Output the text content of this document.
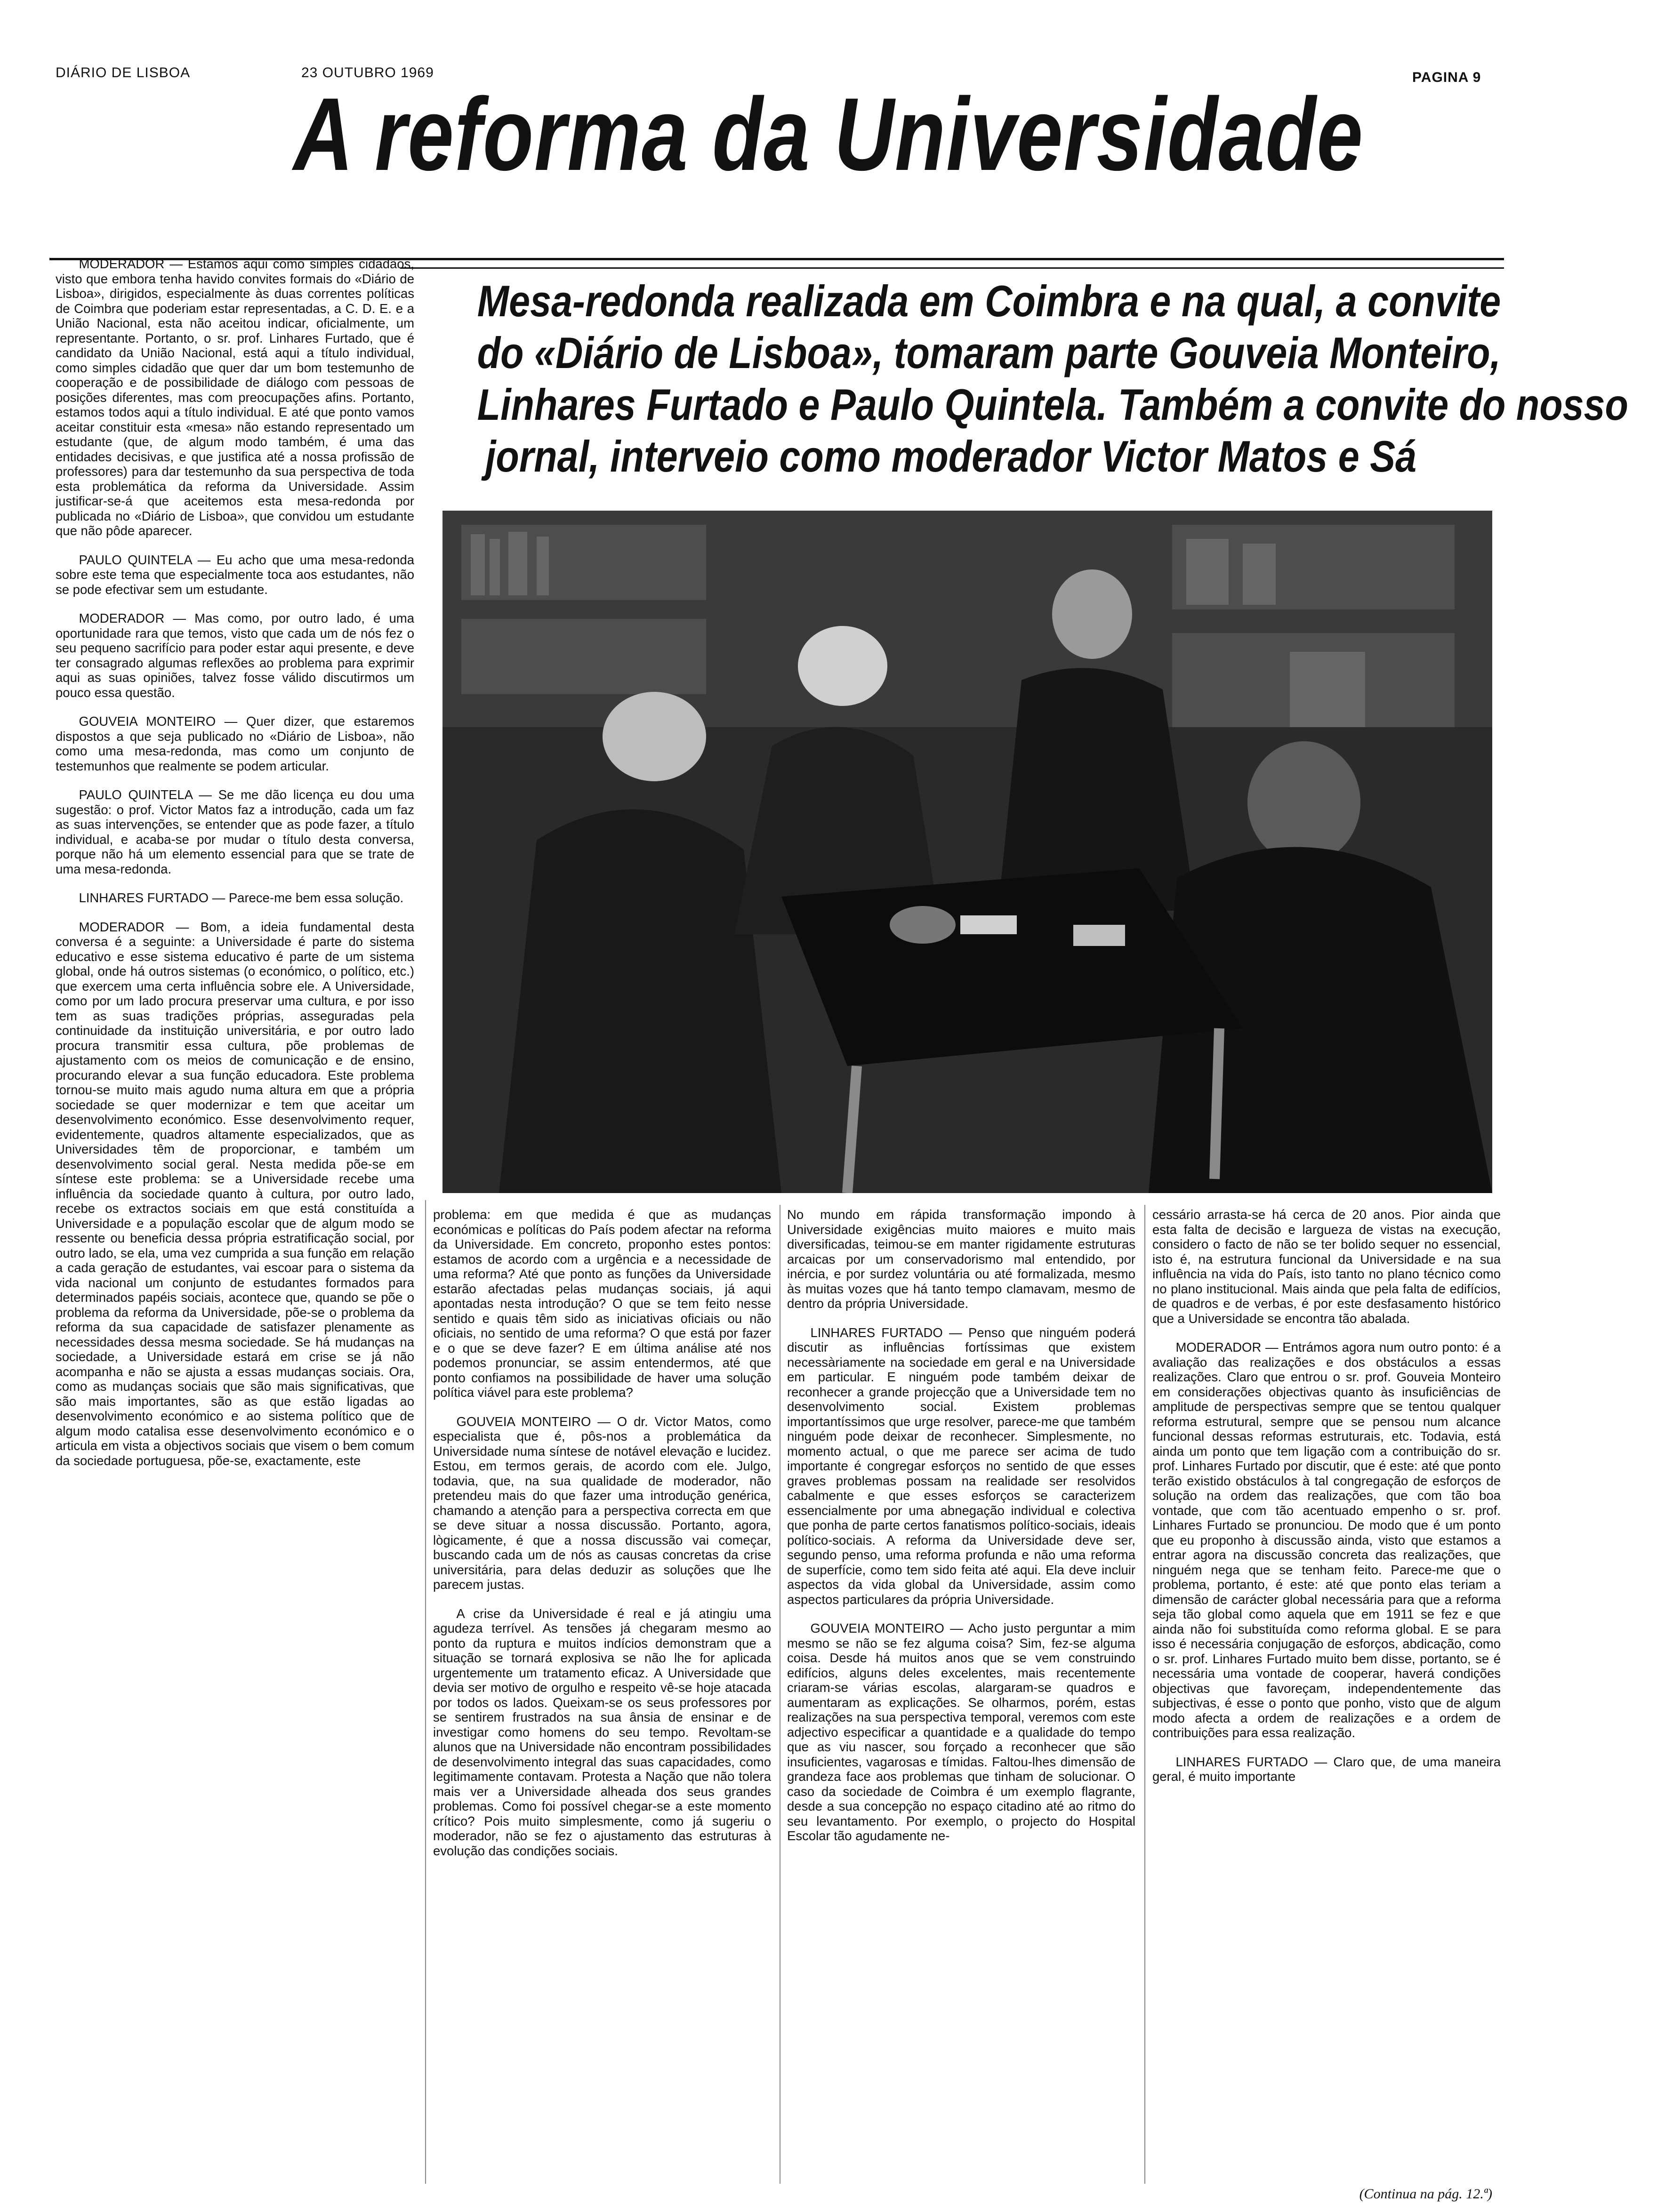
DIÁRIO DE LISBOA	23 OUTUBRO 1969	PAGINA 9
A reforma da Universidade
Mesa-redonda realizada em Coimbra e na qual, a convite
do «Diário de Lisboa», tomaram parte Gouveia Monteiro,
Linhares Furtado e Paulo Quintela. Também a convite do nosso
jornal, interveio como moderador Victor Matos e Sá

MODERADOR — Estamos aqui como simples cidadãos, visto que embora tenha havido convites formais do «Diário de Lisboa», dirigidos, especialmente às duas correntes políticas de Coimbra que poderiam estar representadas, a C. D. E. e a União Nacional, esta não aceitou indicar, oficialmente, um representante. Portanto, o sr. prof. Linhares Furtado, que é candidato da União Nacional, está aqui a título individual, como simples cidadão que quer dar um bom testemunho de cooperação e de possibilidade de diálogo com pessoas de posições diferentes, mas com preocupações afins. Portanto, estamos todos aqui a título individual. E até que ponto vamos aceitar constituir esta «mesa» não estando representado um estudante (que, de algum modo também, é uma das entidades decisivas, e que justifica até a nossa profissão de professores) para dar testemunho da sua perspectiva de toda esta problemática da reforma da Universidade. Assim justificar-se-á que aceitemos esta mesa-redonda por publicada no «Diário de Lisboa», que convidou um estudante que não pôde aparecer.

PAULO QUINTELA — Eu acho que uma mesa-redonda sobre este tema que especialmente toca aos estudantes, não se pode efectivar sem um estudante.

MODERADOR — Mas como, por outro lado, é uma oportunidade rara que temos, visto que cada um de nós fez o seu pequeno sacrifício para poder estar aqui presente, e deve ter consagrado algumas reflexões ao problema para exprimir aqui as suas opiniões, talvez fosse válido discutirmos um pouco essa questão.

GOUVEIA MONTEIRO — Quer dizer, que estaremos dispostos a que seja publicado no «Diário de Lisboa», não como uma mesa-redonda, mas como um conjunto de testemunhos que realmente se podem articular.

PAULO QUINTELA — Se me dão licença eu dou uma sugestão: o prof. Victor Matos faz a introdução, cada um faz as suas intervenções, se entender que as pode fazer, a título individual, e acaba-se por mudar o título desta conversa, porque não há um elemento essencial para que se trate de uma mesa-redonda.

LINHARES FURTADO — Parece-me bem essa solução.

MODERADOR — Bom, a ideia fundamental desta conversa é a seguinte: a Universidade é parte do sistema educativo e esse sistema educativo é parte de um sistema global, onde há outros sistemas (o económico, o político, etc.) que exercem uma certa influência sobre ele. A Universidade, como por um lado procura preservar uma cultura, e por isso tem as suas tradições próprias, asseguradas pela continuidade da instituição universitária, e por outro lado procura transmitir essa cultura, põe problemas de ajustamento com os meios de comunicação e de ensino, procurando elevar a sua função educadora. Este problema tornou-se muito mais agudo numa altura em que a própria sociedade se quer modernizar e tem que aceitar um desenvolvimento económico. Esse desenvolvimento requer, evidentemente, quadros altamente especializados, que as Universidades têm de proporcionar, e também um desenvolvimento social geral. Nesta medida põe-se em síntese este problema: se a Universidade recebe uma influência da sociedade quanto à cultura, por outro lado, recebe os extractos sociais em que está constituída a Universidade e a população escolar que de algum modo se ressente ou beneficia dessa própria estratificação social, por outro lado, se ela, uma vez cumprida a sua função em relação a cada geração de estudantes, vai escoar para o sistema da vida nacional um conjunto de estudantes formados para determinados papéis sociais, acontece que, quando se põe o problema da reforma da Universidade, põe-se o problema da reforma da sua capacidade de satisfazer plenamente as necessidades dessa mesma sociedade. Se há mudanças na sociedade, a Universidade estará em crise se já não acompanha e não se ajusta a essas mudanças sociais. Ora, como as mudanças sociais que são mais significativas, que são mais importantes, são as que estão ligadas ao desenvolvimento económico e ao sistema político que de algum modo catalisa esse desenvolvimento económico e o articula em vista a objectivos sociais que visem o bem comum da sociedade portuguesa, põe-se, exactamente, este

problema: em que medida é que as mudanças económicas e políticas do País podem afectar na reforma da Universidade. Em concreto, proponho estes pontos: estamos de acordo com a urgência e a necessidade de uma reforma? Até que ponto as funções da Universidade estarão afectadas pelas mudanças sociais, já aqui apontadas nesta introdução? O que se tem feito nesse sentido e quais têm sido as iniciativas oficiais ou não oficiais, no sentido de uma reforma? O que está por fazer e o que se deve fazer? E em última análise até nos podemos pronunciar, se assim entendermos, até que ponto confiamos na possibilidade de haver uma solução política viável para este problema?

GOUVEIA MONTEIRO — O dr. Victor Matos, como especialista que é, pôs-nos a problemática da Universidade numa síntese de notável elevação e lucidez. Estou, em termos gerais, de acordo com ele. Julgo, todavia, que, na sua qualidade de moderador, não pretendeu mais do que fazer uma introdução genérica, chamando a atenção para a perspectiva correcta em que se deve situar a nossa discussão. Portanto, agora, lògicamente, é que a nossa discussão vai começar, buscando cada um de nós as causas concretas da crise universitária, para delas deduzir as soluções que lhe parecem justas.

A crise da Universidade é real e já atingiu uma agudeza terrível. As tensões já chegaram mesmo ao ponto da ruptura e muitos indícios demonstram que a situação se tornará explosiva se não lhe for aplicada urgentemente um tratamento eficaz. A Universidade que devia ser motivo de orgulho e respeito vê-se hoje atacada por todos os lados. Queixam-se os seus professores por se sentirem frustrados na sua ânsia de ensinar e de investigar como homens do seu tempo. Revoltam-se alunos que na Universidade não encontram possibilidades de desenvolvimento integral das suas capacidades, como legitimamente contavam. Protesta a Nação que não tolera mais ver a Universidade alheada dos seus grandes problemas. Como foi possível chegar-se a este momento crítico? Pois muito simplesmente, como já sugeriu o moderador, não se fez o ajustamento das estruturas à evolução das condições sociais.

No mundo em rápida transformação impondo à Universidade exigências muito maiores e muito mais diversificadas, teimou-se em manter rigidamente estruturas arcaicas por um conservadorismo mal entendido, por inércia, e por surdez voluntária ou até formalizada, mesmo às muitas vozes que há tanto tempo clamavam, mesmo de dentro da própria Universidade.

LINHARES FURTADO — Penso que ninguém poderá discutir as influências fortíssimas que existem necessàriamente na sociedade em geral e na Universidade em particular. E ninguém pode também deixar de reconhecer a grande projecção que a Universidade tem no desenvolvimento social. Existem problemas importantíssimos que urge resolver, parece-me que também ninguém pode deixar de reconhecer. Simplesmente, no momento actual, o que me parece ser acima de tudo importante é congregar esforços no sentido de que esses graves problemas possam na realidade ser resolvidos cabalmente e que esses esforços se caracterizem essencialmente por uma abnegação individual e colectiva que ponha de parte certos fanatismos político-sociais, ideais político-sociais. A reforma da Universidade deve ser, segundo penso, uma reforma profunda e não uma reforma de superfície, como tem sido feita até aqui. Ela deve incluir aspectos da vida global da Universidade, assim como aspectos particulares da própria Universidade.

GOUVEIA MONTEIRO — Acho justo perguntar a mim mesmo se não se fez alguma coisa? Sim, fez-se alguma coisa. Desde há muitos anos que se vem construindo edifícios, alguns deles excelentes, mais recentemente criaram-se várias escolas, alargaram-se quadros e aumentaram as explicações. Se olharmos, porém, estas realizações na sua perspectiva temporal, veremos com este adjectivo especificar a quantidade e a qualidade do tempo que as viu nascer, sou forçado a reconhecer que são insuficientes, vagarosas e tímidas. Faltou-lhes dimensão de grandeza face aos problemas que tinham de solucionar. O caso da sociedade de Coimbra é um exemplo flagrante, desde a sua concepção no espaço citadino até ao ritmo do seu levantamento. Por exemplo, o projecto do Hospital Escolar tão agudamente ne-

cessário arrasta-se há cerca de 20 anos. Pior ainda que esta falta de decisão e largueza de vistas na execução, considero o facto de não se ter bolido sequer no essencial, isto é, na estrutura funcional da Universidade e na sua influência na vida do País, isto tanto no plano técnico como no plano institucional. Mais ainda que pela falta de edifícios, de quadros e de verbas, é por este desfasamento histórico que a Universidade se encontra tão abalada.

MODERADOR — Entrámos agora num outro ponto: é a avaliação das realizações e dos obstáculos a essas realizações. Claro que entrou o sr. prof. Gouveia Monteiro em considerações objectivas quanto às insuficiências de amplitude de perspectivas sempre que se tentou qualquer reforma estrutural, sempre que se pensou num alcance funcional dessas reformas estruturais, etc. Todavia, está ainda um ponto que tem ligação com a contribuição do sr. prof. Linhares Furtado por discutir, que é este: até que ponto terão existido obstáculos à tal congregação de esforços de solução na ordem das realizações, que com tão boa vontade, que com tão acentuado empenho o sr. prof. Linhares Furtado se pronunciou. De modo que é um ponto que eu proponho à discussão ainda, visto que estamos a entrar agora na discussão concreta das realizações, que ninguém nega que se tenham feito. Parece-me que o problema, portanto, é este: até que ponto elas teriam a dimensão de carácter global necessária para que a reforma seja tão global como aquela que em 1911 se fez e que ainda não foi substituída como reforma global. E se para isso é necessária conjugação de esforços, abdicação, como o sr. prof. Linhares Furtado muito bem disse, portanto, se é necessária uma vontade de cooperar, haverá condições objectivas que favoreçam, independentemente das subjectivas, é esse o ponto que ponho, visto que de algum modo afecta a ordem de realizações e a ordem de contribuições para essa realização.

LINHARES FURTADO — Claro que, de uma maneira geral, é muito importante

(Continua na pág. 12.ª)
